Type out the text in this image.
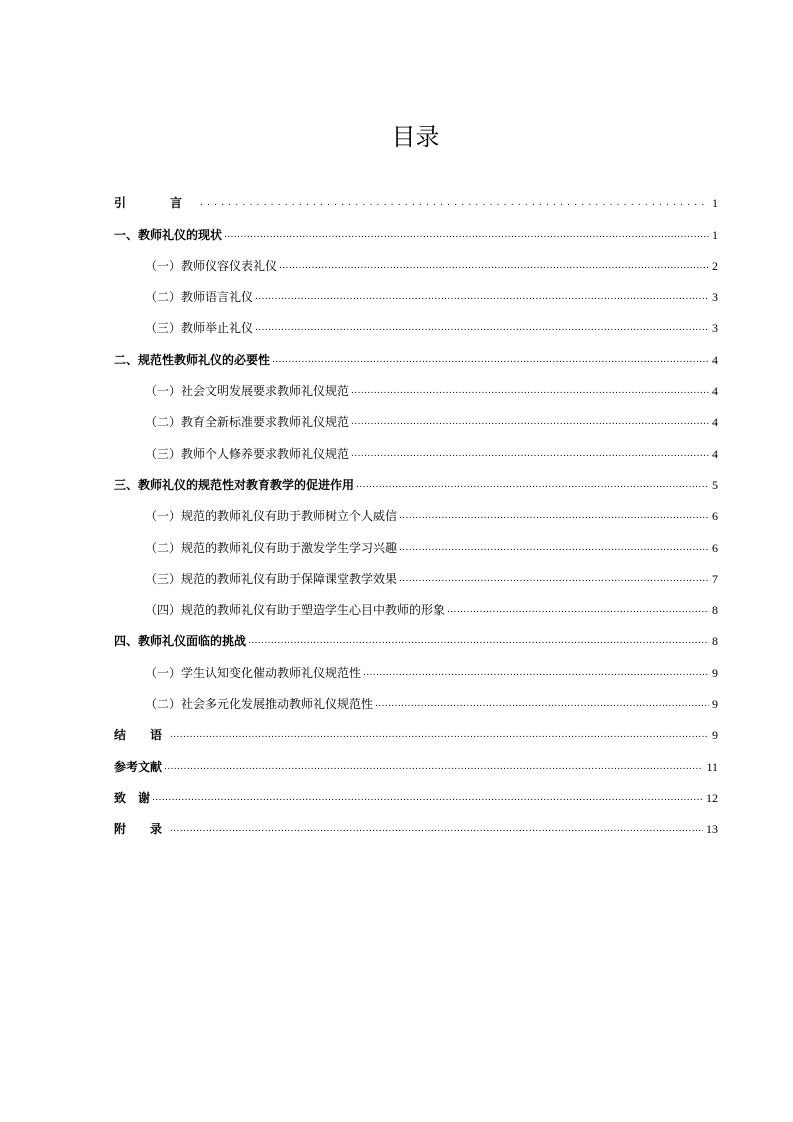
目录
引　言 .....	1
一、教师礼仪的现状 .....	1
（一）教师仪容仪表礼仪 .....	2
（二）教师语言礼仪 .....	3
（三）教师举止礼仪 .....	3
二、规范性教师礼仪的必要性 .....	4
（一）社会文明发展要求教师礼仪规范 .....	4
（二）教育全新标准要求教师礼仪规范 .....	4
（三）教师个人修养要求教师礼仪规范 .....	4
三、教师礼仪的规范性对教育教学的促进作用 .....	5
（一）规范的教师礼仪有助于教师树立个人威信 .....	6
（二）规范的教师礼仪有助于激发学生学习兴趣 .....	6
（三）规范的教师礼仪有助于保障课堂教学效果 .....	7
（四）规范的教师礼仪有助于塑造学生心目中教师的形象 .....	8
四、教师礼仪面临的挑战 .....	8
（一）学生认知变化催动教师礼仪规范性 .....	9
（二）社会多元化发展推动教师礼仪规范性 .....	9
结　语 .....	9
参考文献 .....	11
致　谢 .....	12
附　录 .....	13
